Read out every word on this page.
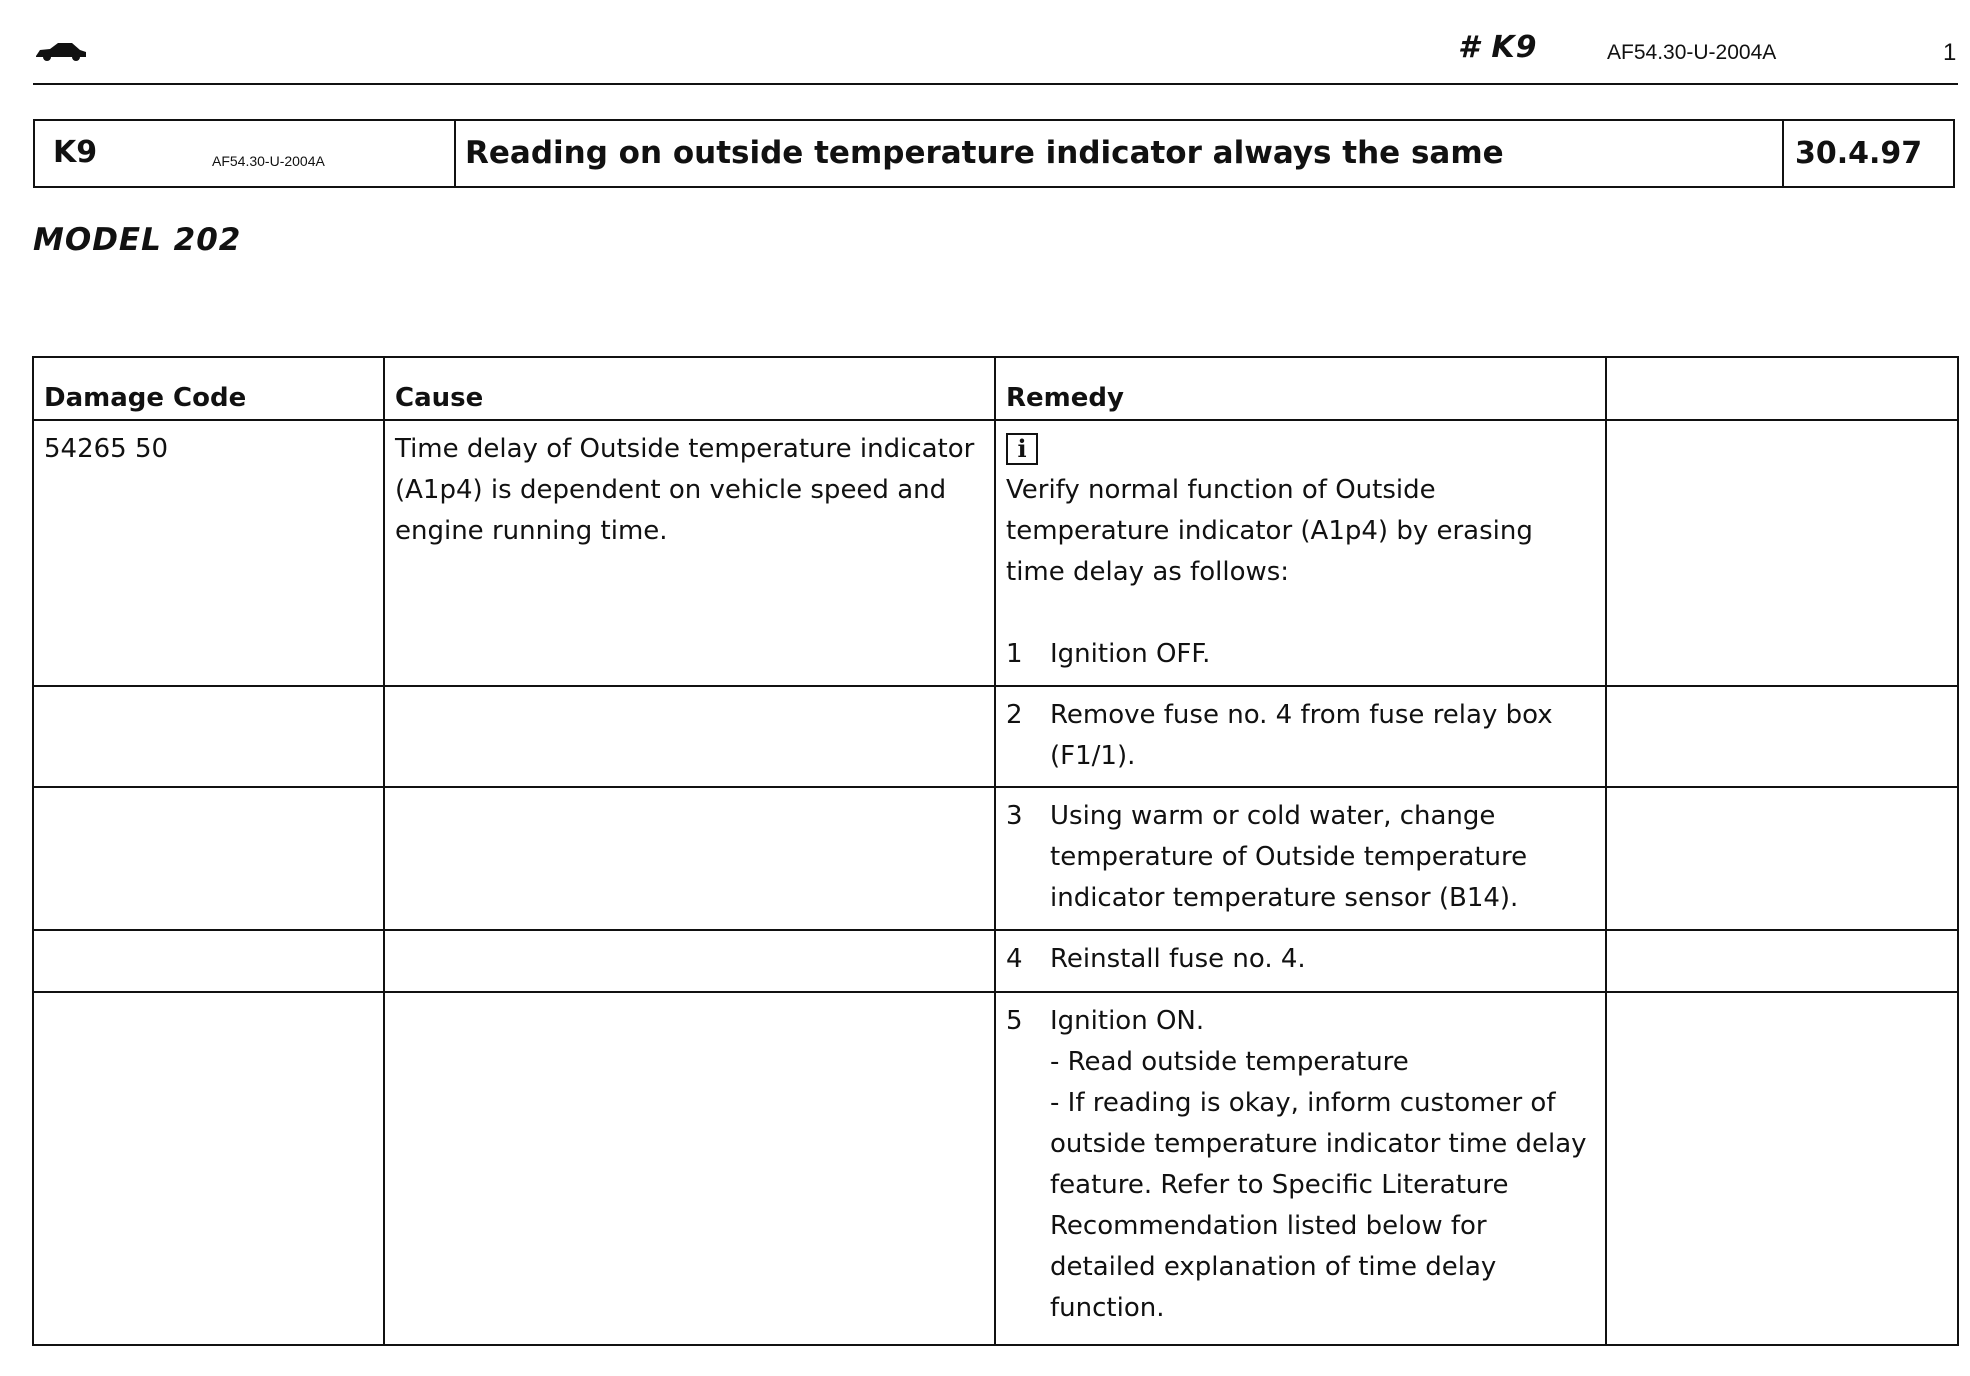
# K9	AF54.30-U-2004A	1
K9	AF54.30-U-2004A	Reading on outside temperature indicator always the same	30.4.97
MODEL 202
Damage Code	Cause	Remedy	
54265 50	Time delay of Outside temperature indicator (A1p4) is dependent on vehicle speed and engine running time.	i
Verify normal function of Outside temperature indicator (A1p4) by erasing time delay as follows:
1 Ignition OFF.	

		2 Remove fuse no. 4 from fuse relay box (F1/1).	

		3 Using warm or cold water, change temperature of Outside temperature indicator temperature sensor (B14).	

		4 Reinstall fuse no. 4.	

		5 Ignition ON.
- Read outside temperature
- If reading is okay, inform customer of outside temperature indicator time delay feature. Refer to Specific Literature Recommendation listed below for detailed explanation of time delay function.	
